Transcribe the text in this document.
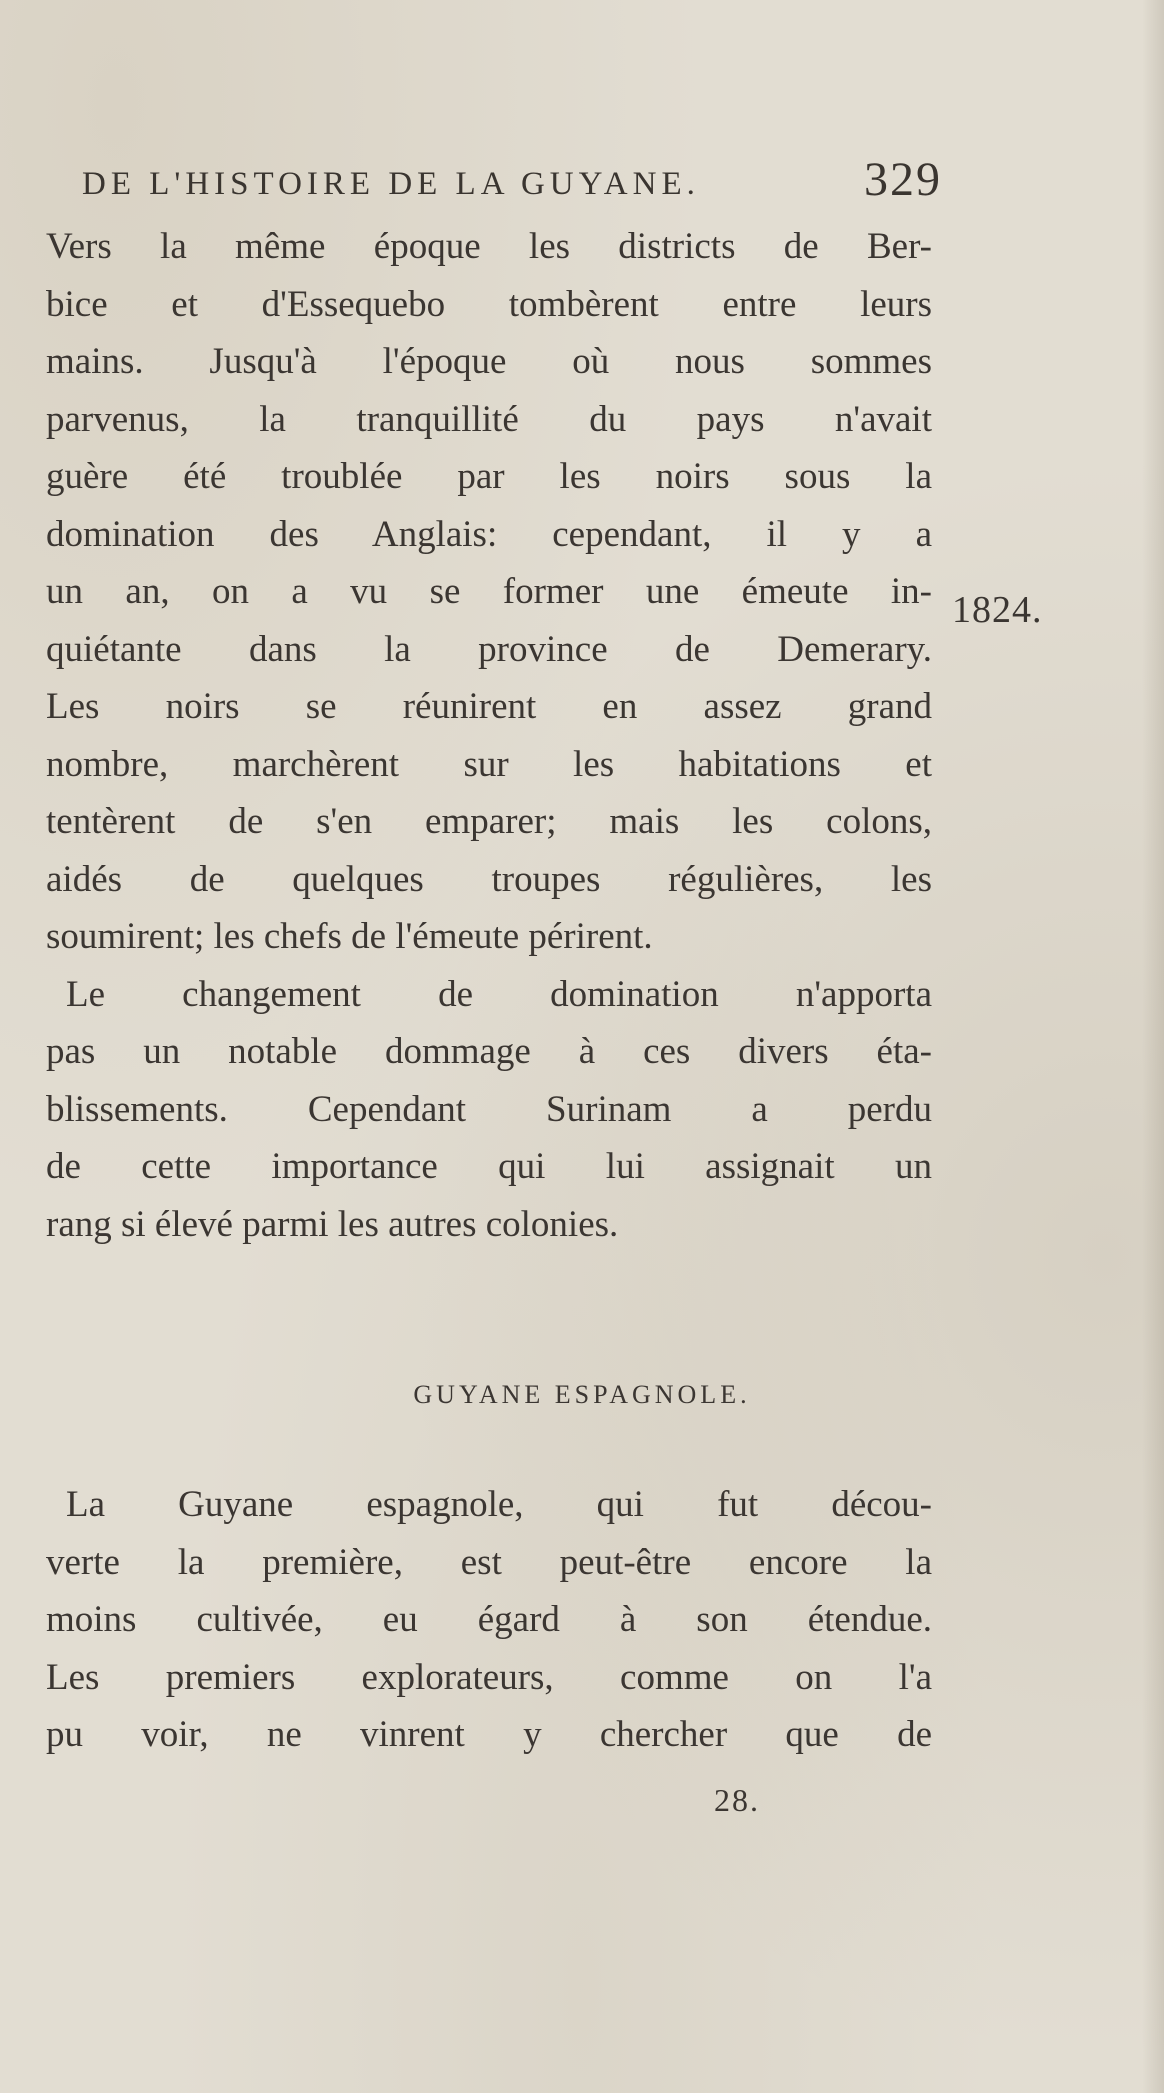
DE L'HISTOIRE DE LA GUYANE.	329
1824.
Vers la même époque les districts de Ber-
bice et d'Essequebo tombèrent entre leurs
mains. Jusqu'à l'époque où nous sommes
parvenus, la tranquillité du pays n'avait
guère été troublée par les noirs sous la
domination des Anglais: cependant, il y a
un an, on a vu se former une émeute in-
quiétante dans la province de Demerary.
Les noirs se réunirent en assez grand
nombre, marchèrent sur les habitations et
tentèrent de s'en emparer; mais les colons,
aidés de quelques troupes régulières, les
soumirent; les chefs de l'émeute périrent.
Le changement de domination n'apporta
pas un notable dommage à ces divers éta-
blissements. Cependant Surinam a perdu
de cette importance qui lui assignait un
rang si élevé parmi les autres colonies.
GUYANE ESPAGNOLE.
La Guyane espagnole, qui fut décou-
verte la première, est peut-être encore la
moins cultivée, eu égard à son étendue.
Les premiers explorateurs, comme on l'a
pu voir, ne vinrent y chercher que de
28.
